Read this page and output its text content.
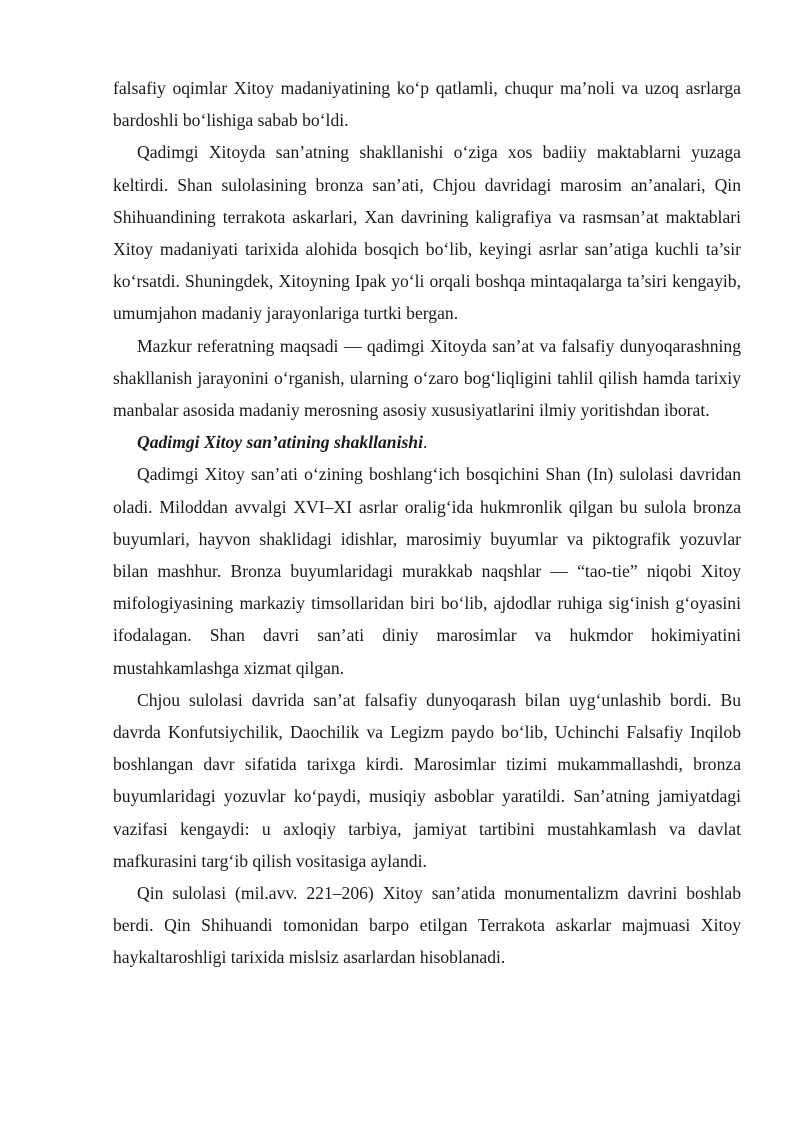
falsafiy oqimlar Xitoy madaniyatining ko‘p qatlamli, chuqur ma’noli va uzoq asrlarga bardoshli bo‘lishiga sabab bo‘ldi.

Qadimgi Xitoyda san’atning shakllanishi o‘ziga xos badiiy maktablarni yuzaga keltirdi. Shan sulolasining bronza san’ati, Chjou davridagi marosim an’analari, Qin Shihuandining terrakota askarlari, Xan davrining kaligrafiya va rasmsan’at maktablari Xitoy madaniyati tarixida alohida bosqich bo‘lib, keyingi asrlar san’atiga kuchli ta’sir ko‘rsatdi. Shuningdek, Xitoyning Ipak yo‘li orqali boshqa mintaqalarga ta’siri kengayib, umumjahon madaniy jarayonlariga turtki bergan.

Mazkur referatning maqsadi — qadimgi Xitoyda san’at va falsafiy dunyoqarashning shakllanish jarayonini o‘rganish, ularning o‘zaro bog‘liqligini tahlil qilish hamda tarixiy manbalar asosida madaniy merosning asosiy xususiyatlarini ilmiy yoritishdan iborat.

Qadimgi Xitoy san’atining shakllanishi.

Qadimgi Xitoy san’ati o‘zining boshlang‘ich bosqichini Shan (In) sulolasi davridan oladi. Miloddan avvalgi XVI–XI asrlar oralig‘ida hukmronlik qilgan bu sulola bronza buyumlari, hayvon shaklidagi idishlar, marosimiy buyumlar va piktografik yozuvlar bilan mashhur. Bronza buyumlaridagi murakkab naqshlar — “tao-tie” niqobi Xitoy mifologiyasining markaziy timsollaridan biri bo‘lib, ajdodlar ruhiga sig‘inish g‘oyasini ifodalagan. Shan davri san’ati diniy marosimlar va hukmdor hokimiyatini mustahkamlashga xizmat qilgan.

Chjou sulolasi davrida san’at falsafiy dunyoqarash bilan uyg‘unlashib bordi. Bu davrda Konfutsiychilik, Daochilik va Legizm paydo bo‘lib, Uchinchi Falsafiy Inqilob boshlangan davr sifatida tarixga kirdi. Marosimlar tizimi mukammallashdi, bronza buyumlaridagi yozuvlar ko‘paydi, musiqiy asboblar yaratildi. San’atning jamiyatdagi vazifasi kengaydi: u axloqiy tarbiya, jamiyat tartibini mustahkamlash va davlat mafkurasini targ‘ib qilish vositasiga aylandi.

Qin sulolasi (mil.avv. 221–206) Xitoy san’atida monumentalizm davrini boshlab berdi. Qin Shihuandi tomonidan barpo etilgan Terrakota askarlar majmuasi Xitoy haykaltaroshligi tarixida mislsiz asarlardan hisoblanadi.
